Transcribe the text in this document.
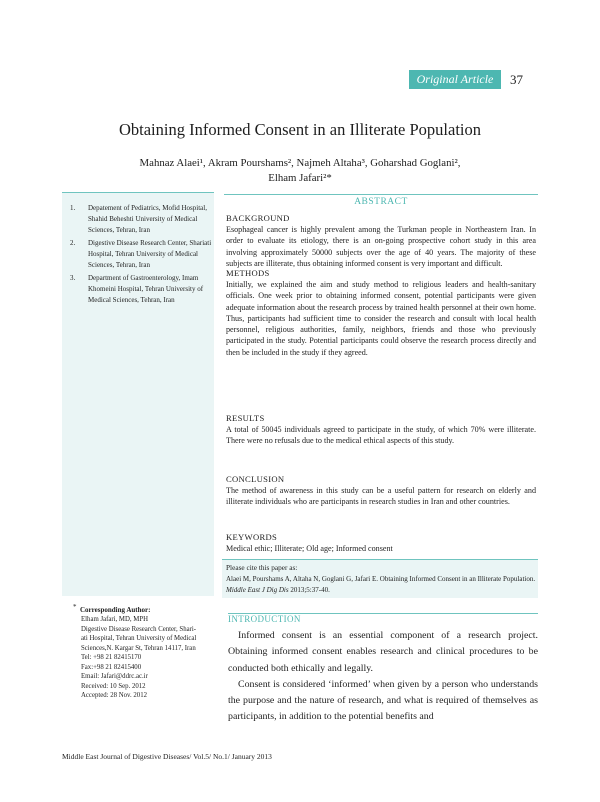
Original Article	37
Obtaining Informed Consent in an Illiterate Population
Mahnaz Alaei¹, Akram Pourshams², Najmeh Altaha³, Goharshad Goglani²,
Elham Jafari²*
1. Depatement of Pediatrics, Mofid Hospital, Shahid Beheshti University of Medical Sciences, Tehran, Iran
2. Digestive Disease Research Center, Shariati Hospital, Tehran University of Medical Sciences, Tehran, Iran
3. Department of Gastroenterology, Imam Khomeini Hospital, Tehran University of Medical Sciences, Tehran, Iran
ABSTRACT
BACKGROUND
Esophageal cancer is highly prevalent among the Turkman people in Northeastern Iran. In order to evaluate its etiology, there is an on-going prospective cohort study in this area involving approximately 50000 subjects over the age of 40 years. The majority of these subjects are illiterate, thus obtaining informed consent is very important and difficult.
METHODS
Initially, we explained the aim and study method to religious leaders and health-sanitary officials. One week prior to obtaining informed consent, potential participants were given adequate information about the research process by trained health personnel at their own home. Thus, participants had sufficient time to consider the research and consult with local health personnel, religious authorities, family, neighbors, friends and those who previously participated in the study. Potential participants could observe the research process directly and then be included in the study if they agreed.
RESULTS
A total of 50045 individuals agreed to participate in the study, of which 70% were illiterate. There were no refusals due to the medical ethical aspects of this study.
CONCLUSION
The method of awareness in this study can be a useful pattern for research on elderly and illiterate individuals who are participants in research studies in Iran and other countries.
KEYWORDS
Medical ethic; Illiterate; Old age; Informed consent
Please cite this paper as:
Alaei M, Pourshams A, Altaha N, Goglani G, Jafari E. Obtaining Informed Consent in an Illiterate Population. Middle East J Dig Dis 2013;5:37-40.
* Corresponding Author:
Elham Jafari, MD, MPH
Digestive Disease Research Center, Shari-
ati Hospital, Tehran University of Medical
Sciences,N. Kargar St, Tehran 14117, Iran
Tel: +98 21 82415170
Fax:+98 21 82415400
Email: Jafari@ddrc.ac.ir
Received: 10 Sep. 2012
Accepted: 28 Nov. 2012
INTRODUCTION

Informed consent is an essential component of a research project. Obtaining informed consent enables research and clinical procedures to be conducted both ethically and legally.

Consent is considered ‘informed’ when given by a person who understands the purpose and the nature of research, and what is required of themselves as participants, in addition to the potential benefits and

Middle East Journal of Digestive Diseases/ Vol.5/ No.1/ January 2013
